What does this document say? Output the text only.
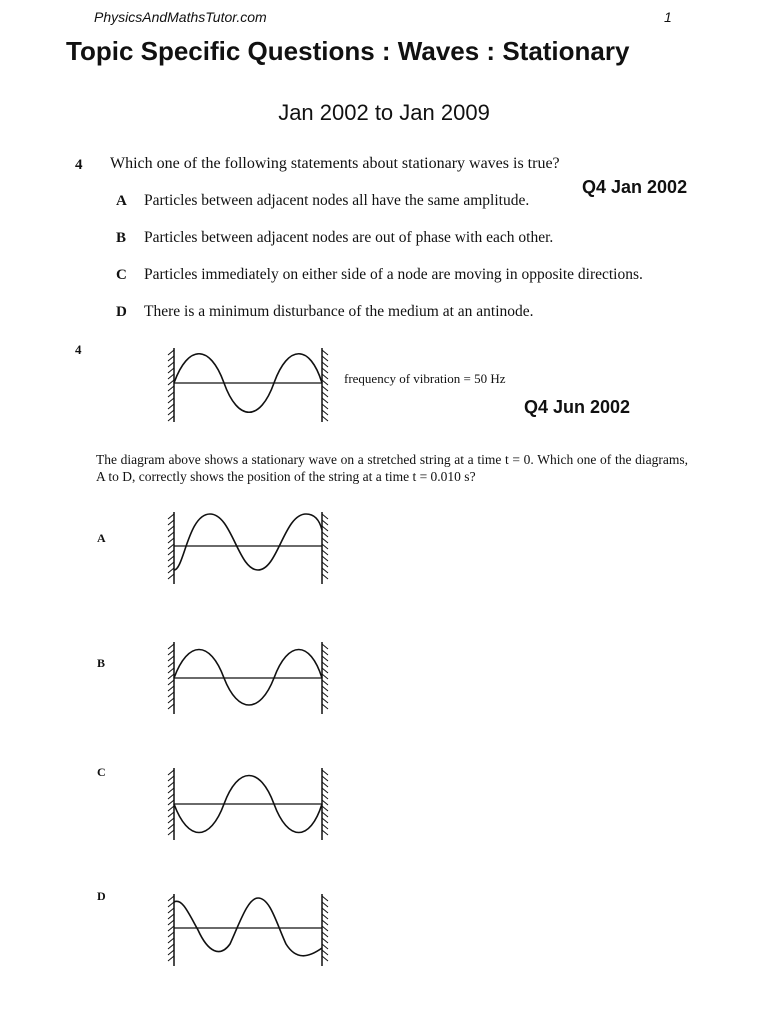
PhysicsAndMathsTutor.com	1
Topic Specific Questions : Waves : Stationary
Jan 2002 to Jan 2009
4 Which one of the following statements about stationary waves is true?
Q4 Jan 2002
A Particles between adjacent nodes all have the same amplitude.
B Particles between adjacent nodes are out of phase with each other.
C Particles immediately on either side of a node are moving in opposite directions.
D There is a minimum disturbance of the medium at an antinode.
4
frequency of vibration = 50 Hz
Q4 Jun 2002
The diagram above shows a stationary wave on a stretched string at a time t = 0. Which one of the diagrams, A to D, correctly shows the position of the string at a time t = 0.010 s?
A
B
C
D
